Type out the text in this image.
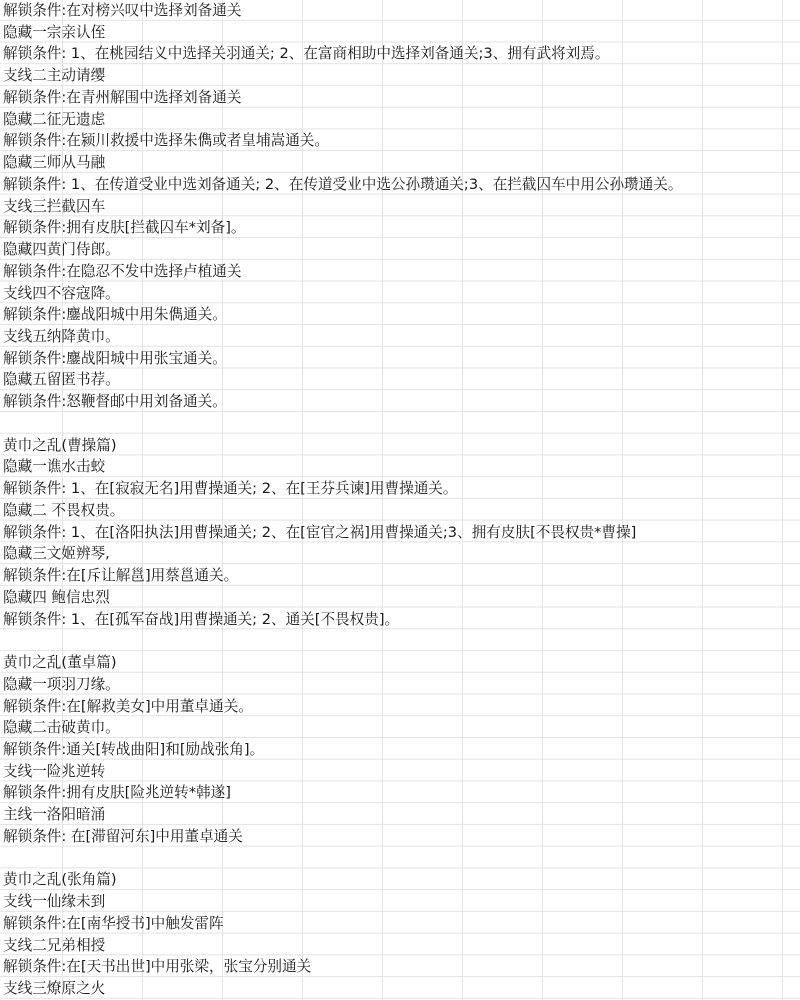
解锁条件:在对榜兴叹中选择刘备通关
隐藏一宗亲认侄
解锁条件: 1、在桃园结义中选择关羽通关; 2、在富商相助中选择刘备通关;3、拥有武将刘焉。
支线二主动请缨
解锁条件:在青州解围中选择刘备通关
隐藏二征无遗虑
解锁条件:在颍川救援中选择朱儁或者皇埔嵩通关。
隐藏三师从马融
解锁条件: 1、在传道受业中选刘备通关; 2、在传道受业中选公孙瓒通关;3、在拦截囚车中用公孙瓒通关。
支线三拦截囚车
解锁条件:拥有皮肤[拦截囚车*刘备]。
隐藏四黄门侍郎。
解锁条件:在隐忍不发中选择卢植通关
支线四不容寇降。
解锁条件:鏖战阳城中用朱儁通关。
支线五纳降黄巾。
解锁条件:鏖战阳城中用张宝通关。
隐藏五留匿书荐。
解锁条件:怒鞭督邮中用刘备通关。
黄巾之乱(曹操篇)
隐藏一谯水击蛟
解锁条件: 1、在[寂寂无名]用曹操通关; 2、在[王芬兵谏]用曹操通关。
隐藏二 不畏权贵。
解锁条件: 1、在[洛阳执法]用曹操通关; 2、在[宦官之祸]用曹操通关;3、拥有皮肤[不畏权贵*曹操]
隐藏三文姬辨琴,
解锁条件:在[斥让解邕]用蔡邕通关。
隐藏四 鲍信忠烈
解锁条件: 1、在[孤军奋战]用曹操通关; 2、通关[不畏权贵]。
黄巾之乱(董卓篇)
隐藏一项羽刀缘。
解锁条件:在[解救美女]中用董卓通关。
隐藏二击破黄巾。
解锁条件:通关[转战曲阳]和[励战张角]。
支线一险兆逆转
解锁条件:拥有皮肤[险兆逆转*韩遂]
主线一洛阳暗涌
解锁条件: 在[滞留河东]中用董卓通关
黄巾之乱(张角篇)
支线一仙缘未到
解锁条件:在[南华授书]中触发雷阵
支线二兄弟相授
解锁条件:在[天书出世]中用张梁，张宝分别通关
支线三燎原之火
